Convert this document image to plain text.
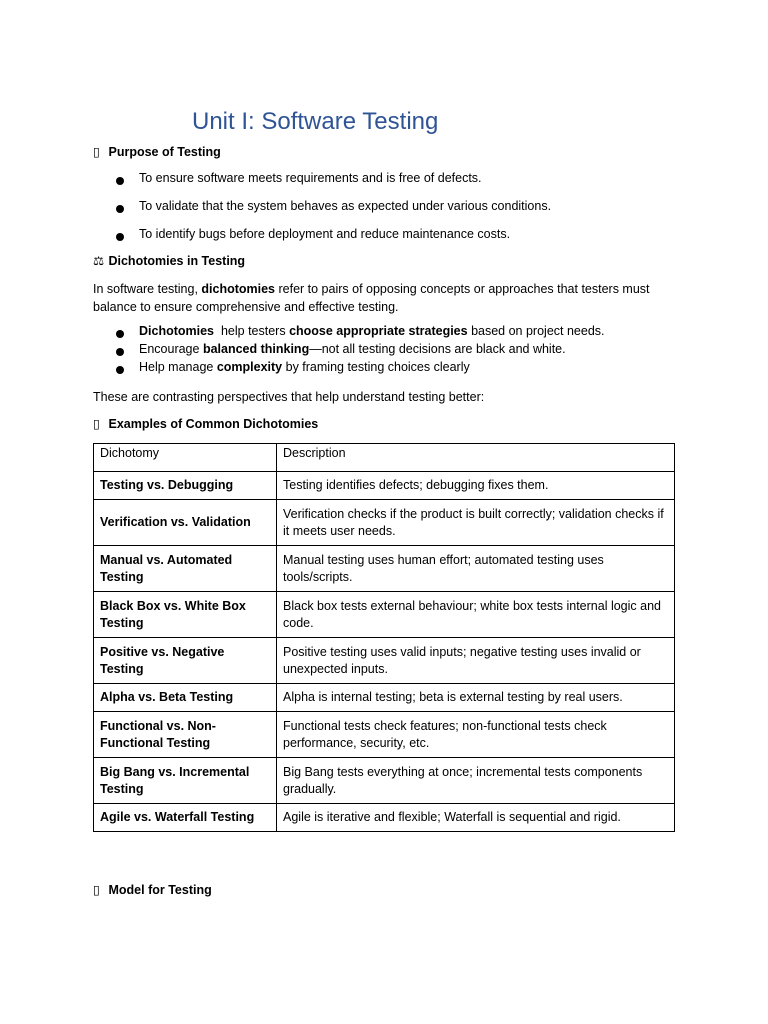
Unit I: Software Testing
▯ Purpose of Testing
To ensure software meets requirements and is free of defects.
To validate that the system behaves as expected under various conditions.
To identify bugs before deployment and reduce maintenance costs.
⚖ Dichotomies in Testing

In software testing, dichotomies refer to pairs of opposing concepts or approaches that testers must balance to ensure comprehensive and effective testing.

Dichotomies  help testers choose appropriate strategies based on project needs.
Encourage balanced thinking—not all testing decisions are black and white.
Help manage complexity by framing testing choices clearly

These are contrasting perspectives that help understand testing better:

▯ Examples of Common Dichotomies
Dichotomy	Description
Testing vs. Debugging	Testing identifies defects; debugging fixes them.
Verification vs. Validation	Verification checks if the product is built correctly; validation checks if it meets user needs.
Manual vs. Automated Testing	Manual testing uses human effort; automated testing uses tools/scripts.
Black Box vs. White Box Testing	Black box tests external behaviour; white box tests internal logic and code.
Positive vs. Negative Testing	Positive testing uses valid inputs; negative testing uses invalid or unexpected inputs.
Alpha vs. Beta Testing	Alpha is internal testing; beta is external testing by real users.
Functional vs. Non-Functional Testing	Functional tests check features; non-functional tests check performance, security, etc.
Big Bang vs. Incremental Testing	Big Bang tests everything at once; incremental tests components gradually.
Agile vs. Waterfall Testing	Agile is iterative and flexible; Waterfall is sequential and rigid.
▯ Model for Testing
